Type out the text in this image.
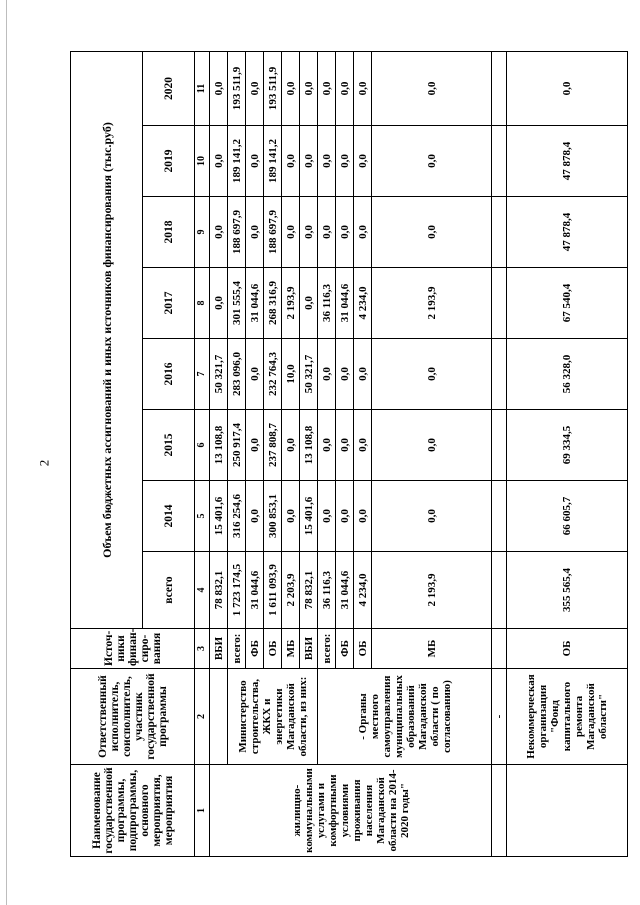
2
Наименование государственной программы, подпрограммы, основного мероприятия, мероприятия	Ответственный исполнитель, соисполнитель, участник государственной программы	Источ-ники финан-сиро-вания	Объем бюджетных ассигнований и иных источников финансирования (тыс.руб)							
			всего	2014	2015	2016	2017	2018	2019	2020
1	2	3	4	5	6	7	8	9	10	11
жилищно-коммунальными услугами и комфортными условиями проживания населения Магаданской области на 2014-2020 годы"		ВБИ	78 832,1	15 401,6	13 108,8	50 321,7	0,0	0,0	0,0	0,0
	Министерство строительства, ЖКХ и энергетики Магаданской области, из них:	всего:	1 723 174,5	316 254,6	250 917,4	283 096,0	301 555,4	188 697,9	189 141,2	193 511,9
		ФБ	31 044,6	0,0	0,0	0,0	31 044,6	0,0	0,0	0,0
		ОБ	1 611 093,9	300 853,1	237 808,7	232 764,3	268 316,9	188 697,9	189 141,2	193 511,9
		МБ	2 203,9	0,0	0,0	10,0	2 193,9	0,0	0,0	0,0
		ВБИ	78 832,1	15 401,6	13 108,8	50 321,7	0,0	0,0	0,0	0,0
	- Органы местного самоуправления муниципальных образований Магаданской области ( по согласованию)	всего:	36 116,3	0,0	0,0	0,0	36 116,3	0,0	0,0	0,0
		ФБ	31 044,6	0,0	0,0	0,0	31 044,6	0,0	0,0	0,0
		ОБ	4 234,0	0,0	0,0	0,0	4 234,0	0,0	0,0	0,0
		МБ	2 193,9	0,0	0,0	0,0	2 193,9	0,0	0,0	0,0
	-									
	Некоммерческая организация "Фонд капитального ремонта Магаданской области"	ОБ	355 565,4	66 605,7	69 334,5	56 328,0	67 540,4	47 878,4	47 878,4	0,0
